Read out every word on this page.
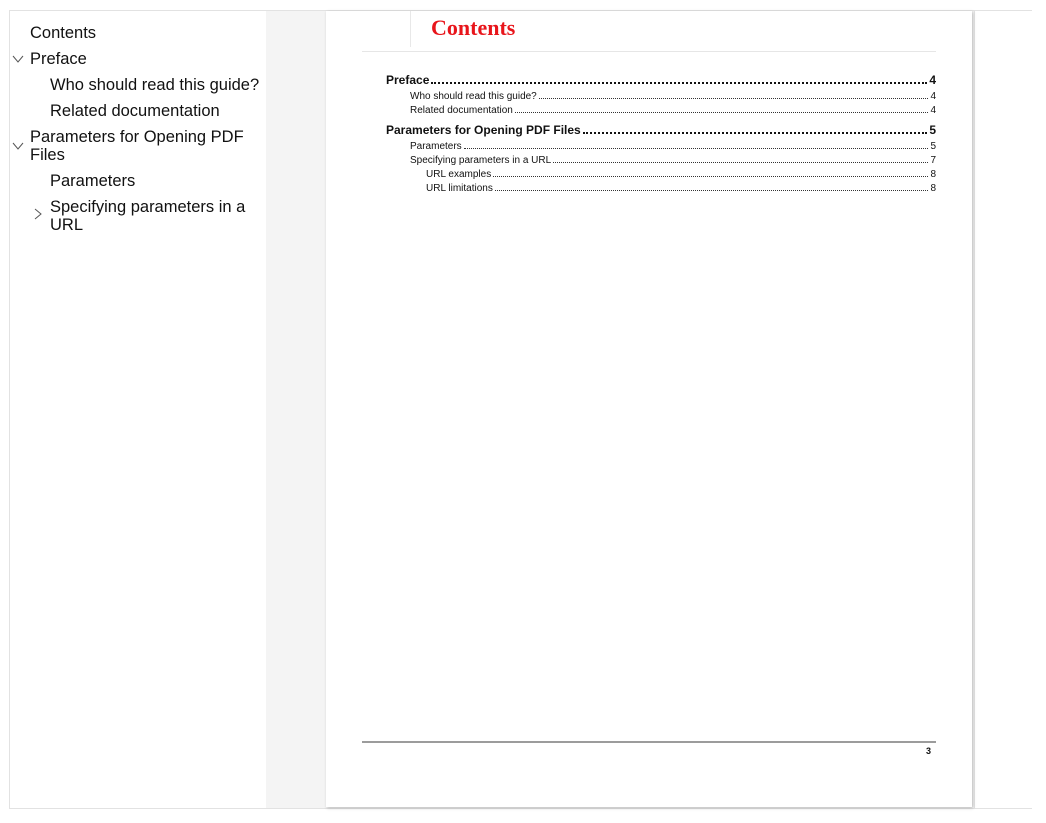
Contents
Preface
Who should read this guide?
Related documentation
Parameters for Opening PDF Files
Parameters
Specifying parameters in a URL
Contents
Preface	4
Who should read this guide?	4
Related documentation	4
Parameters for Opening PDF Files	5
Parameters	5
Specifying parameters in a URL	7
URL examples	8
URL limitations	8
3
